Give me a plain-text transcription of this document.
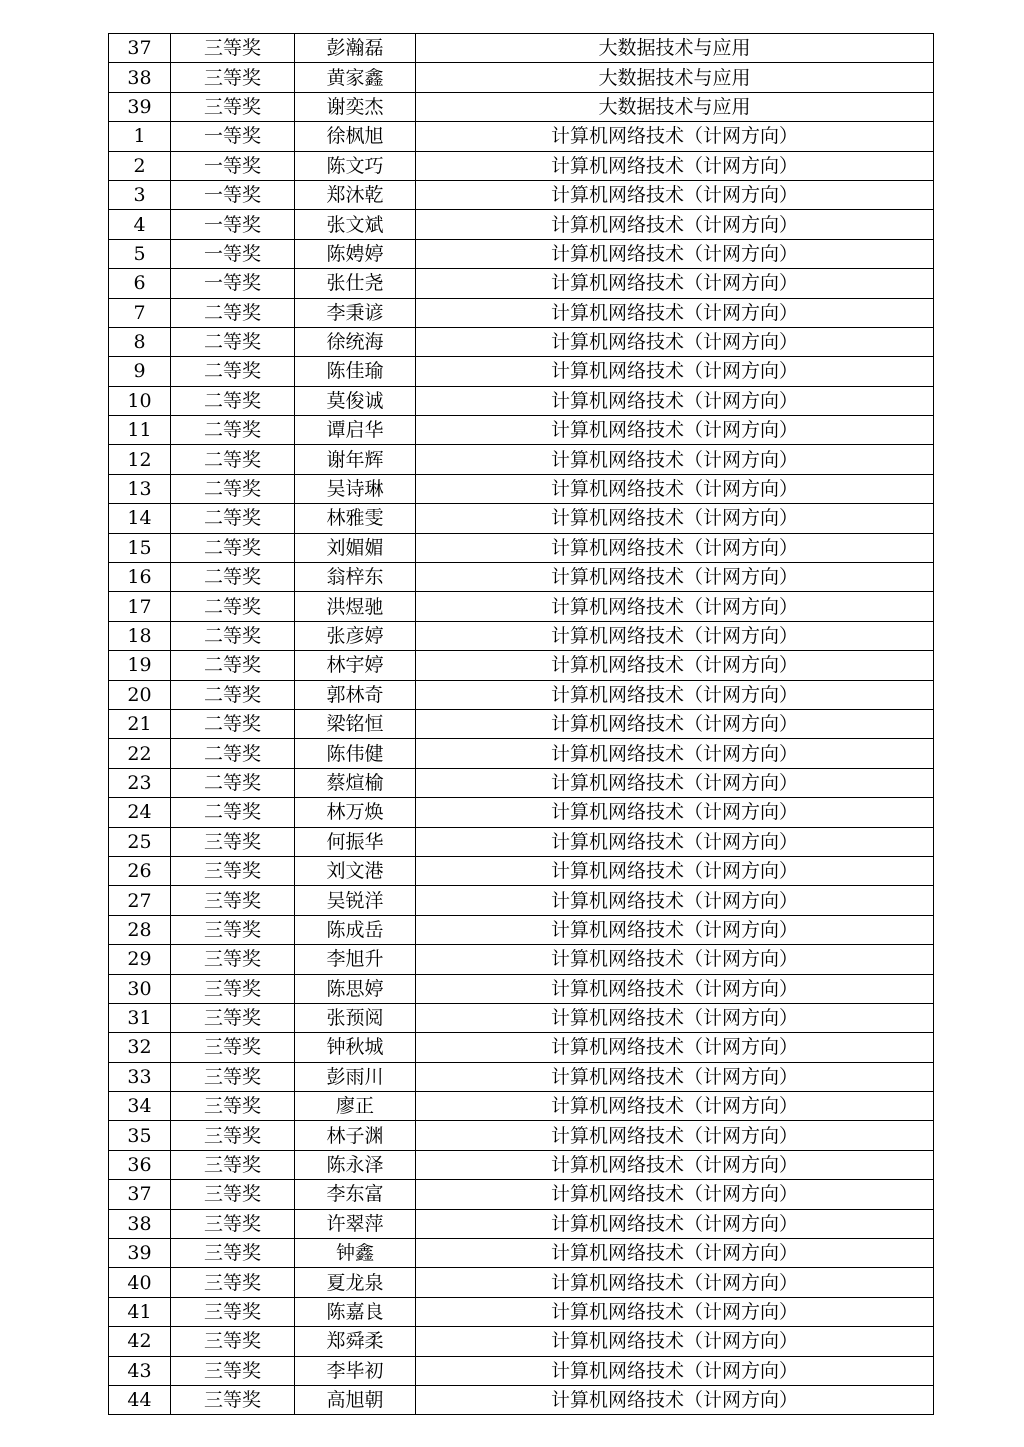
37	三等奖	彭瀚磊	大数据技术与应用
38	三等奖	黄家鑫	大数据技术与应用
39	三等奖	谢奕杰	大数据技术与应用
1	一等奖	徐枫旭	计算机网络技术（计网方向）
2	一等奖	陈文巧	计算机网络技术（计网方向）
3	一等奖	郑沐乾	计算机网络技术（计网方向）
4	一等奖	张文斌	计算机网络技术（计网方向）
5	一等奖	陈娉婷	计算机网络技术（计网方向）
6	一等奖	张仕尧	计算机网络技术（计网方向）
7	二等奖	李秉谚	计算机网络技术（计网方向）
8	二等奖	徐统海	计算机网络技术（计网方向）
9	二等奖	陈佳瑜	计算机网络技术（计网方向）
10	二等奖	莫俊诚	计算机网络技术（计网方向）
11	二等奖	谭启华	计算机网络技术（计网方向）
12	二等奖	谢年辉	计算机网络技术（计网方向）
13	二等奖	吴诗琳	计算机网络技术（计网方向）
14	二等奖	林雅雯	计算机网络技术（计网方向）
15	二等奖	刘媚媚	计算机网络技术（计网方向）
16	二等奖	翁梓东	计算机网络技术（计网方向）
17	二等奖	洪煜驰	计算机网络技术（计网方向）
18	二等奖	张彦婷	计算机网络技术（计网方向）
19	二等奖	林宇婷	计算机网络技术（计网方向）
20	二等奖	郭林奇	计算机网络技术（计网方向）
21	二等奖	梁铭恒	计算机网络技术（计网方向）
22	二等奖	陈伟健	计算机网络技术（计网方向）
23	二等奖	蔡煊榆	计算机网络技术（计网方向）
24	二等奖	林万焕	计算机网络技术（计网方向）
25	三等奖	何振华	计算机网络技术（计网方向）
26	三等奖	刘文港	计算机网络技术（计网方向）
27	三等奖	吴锐洋	计算机网络技术（计网方向）
28	三等奖	陈成岳	计算机网络技术（计网方向）
29	三等奖	李旭升	计算机网络技术（计网方向）
30	三等奖	陈思婷	计算机网络技术（计网方向）
31	三等奖	张预阅	计算机网络技术（计网方向）
32	三等奖	钟秋城	计算机网络技术（计网方向）
33	三等奖	彭雨川	计算机网络技术（计网方向）
34	三等奖	廖正	计算机网络技术（计网方向）
35	三等奖	林子渊	计算机网络技术（计网方向）
36	三等奖	陈永泽	计算机网络技术（计网方向）
37	三等奖	李东富	计算机网络技术（计网方向）
38	三等奖	许翠萍	计算机网络技术（计网方向）
39	三等奖	钟鑫	计算机网络技术（计网方向）
40	三等奖	夏龙泉	计算机网络技术（计网方向）
41	三等奖	陈嘉良	计算机网络技术（计网方向）
42	三等奖	郑舜柔	计算机网络技术（计网方向）
43	三等奖	李毕初	计算机网络技术（计网方向）
44	三等奖	高旭朝	计算机网络技术（计网方向）
